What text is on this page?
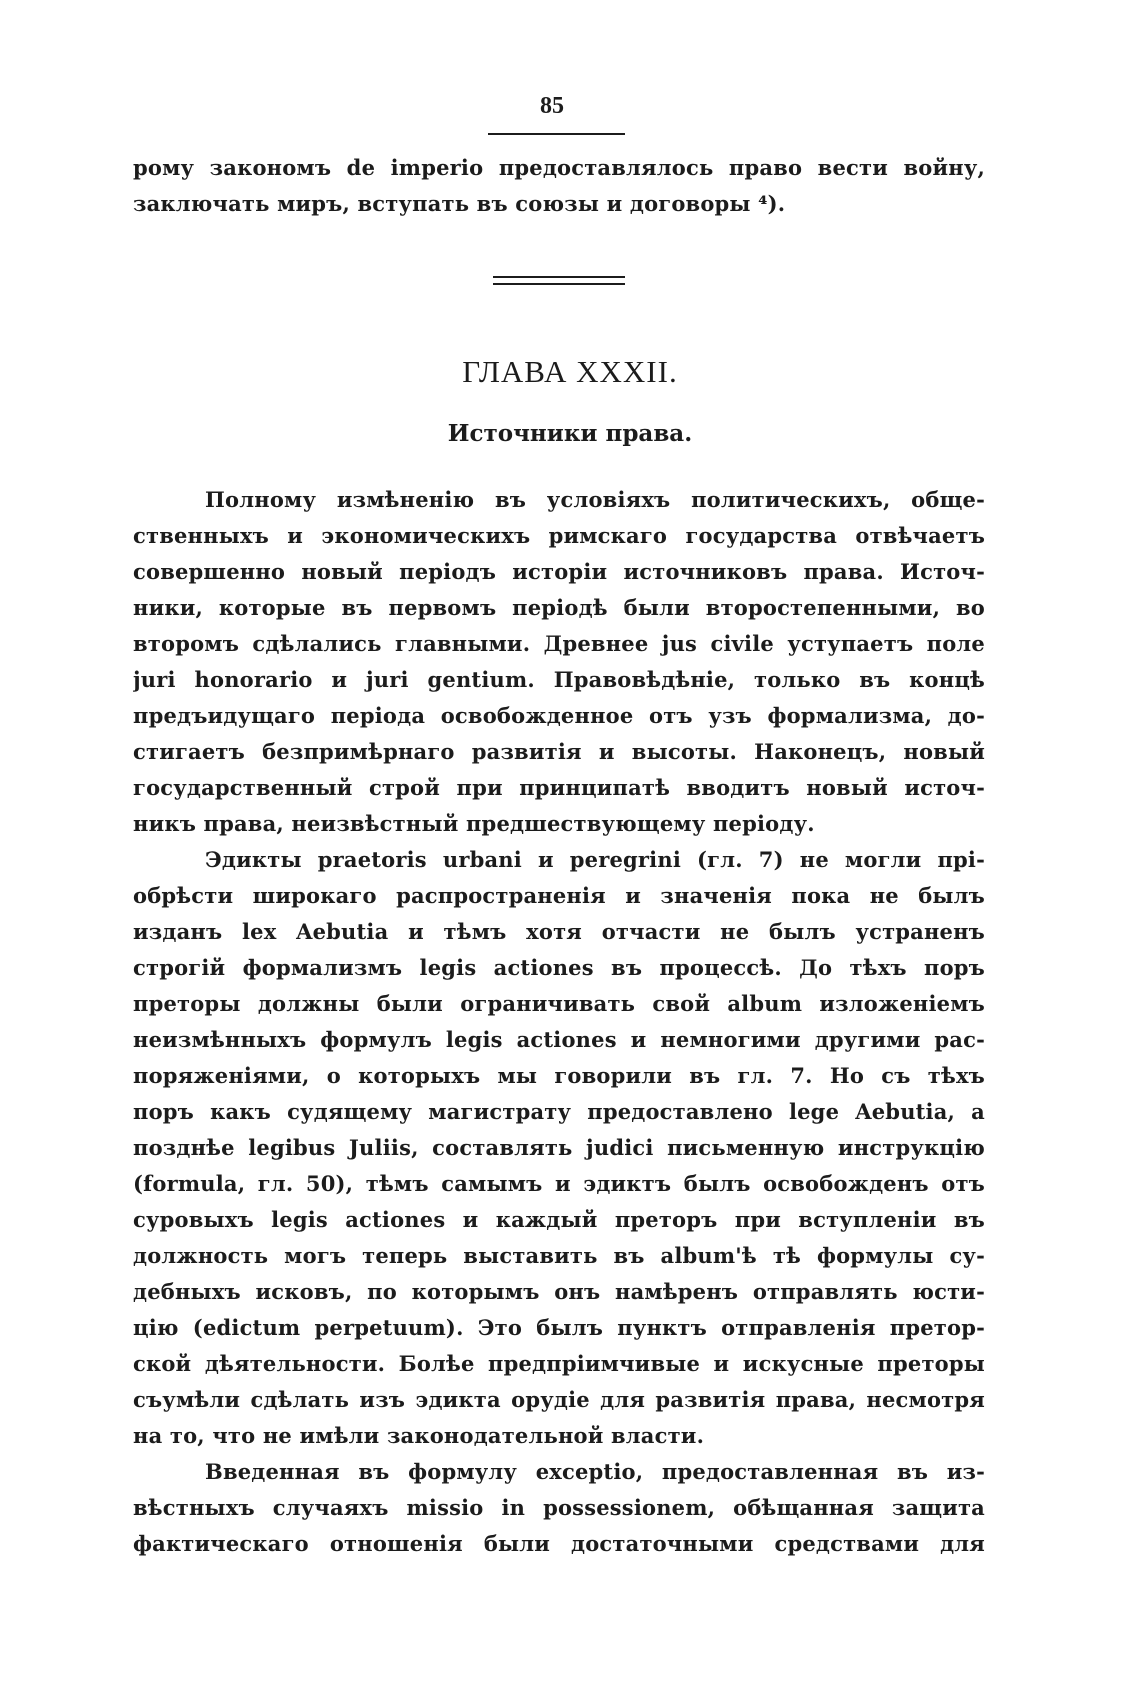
85
рому закономъ de imperio предоставлялось право вести войну,
заключать миръ, вступать въ союзы и договоры ⁴).
ГЛАВА XXXII.
Источники права.
Полному измѣненію въ условіяхъ политическихъ, обще-
ственныхъ и экономическихъ римскаго государства отвѣчаетъ
совершенно новый періодъ исторіи источниковъ права. Источ-
ники, которые въ первомъ періодѣ были второстепенными, во
второмъ сдѣлались главными. Древнее jus civile уступаетъ поле
juri honorario и juri gentium. Правовѣдѣніе, только въ концѣ
предъидущаго періода освобожденное отъ узъ формализма, до-
стигаетъ безпримѣрнаго развитія и высоты. Наконецъ, новый
государственный строй при принципатѣ вводитъ новый источ-
никъ права, неизвѣстный предшествующему періоду.
Эдикты praetoris urbani и peregrini (гл. 7) не могли прі-
обрѣсти широкаго распространенія и значенія пока не былъ
изданъ lex Aebutia и тѣмъ хотя отчасти не былъ устраненъ
строгій формализмъ legis actiones въ процессѣ. До тѣхъ поръ
преторы должны были ограничивать свой album изложеніемъ
неизмѣнныхъ формулъ legis actiones и немногими другими рас-
поряженіями, о которыхъ мы говорили въ гл. 7. Но съ тѣхъ
поръ какъ судящему магистрату предоставлено lege Aebutia, а
позднѣе legibus Juliis, составлять judici письменную инструкцію
(formula, гл. 50), тѣмъ самымъ и эдиктъ былъ освобожденъ отъ
суровыхъ legis actiones и каждый преторъ при вступленіи въ
должность могъ теперь выставить въ album'ѣ тѣ формулы су-
дебныхъ исковъ, по которымъ онъ намѣренъ отправлять юсти-
цію (edictum perpetuum). Это былъ пунктъ отправленія претор-
ской дѣятельности. Болѣе предпріимчивые и искусные преторы
съумѣли сдѣлать изъ эдикта орудіе для развитія права, несмотря
на то, что не имѣли законодательной власти.
Введенная въ формулу exceptio, предоставленная въ из-
вѣстныхъ случаяхъ missio in possessionem, обѣщанная защита
фактическаго отношенія были достаточными средствами для
